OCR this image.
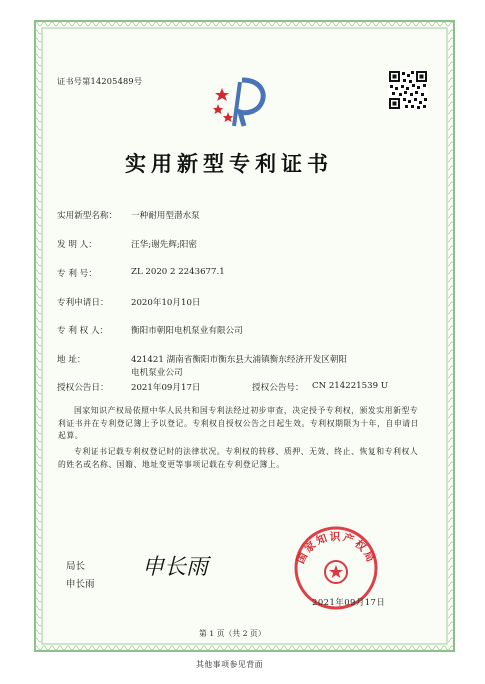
证书号第14205489号
实用新型专利证书
实用新型名称： 一种耐用型潜水泵
发 明 人：	汪华;谢先辉;阳密
专 利 号：	ZL 2020 2 2243677.1
专利申请日：	2020年10月10日
专 利 权 人：	衡阳市朝阳电机泵业有限公司
地 址：	421421 湖南省衡阳市衡东县大浦镇衡东经济开发区朝阳
电机泵业公司
授权公告日：	2021年09月17日	授权公告号： CN 214221539 U
国家知识产权局依照中华人民共和国专利法经过初步审查，决定授予专利权，颁发实用新型专利证书并在专利登记簿上予以登记。专利权自授权公告之日起生效。专利权期限为十年，自申请日起算。
专利证书记载专利权登记时的法律状况。专利权的转移、质押、无效、终止、恢复和专利权人的姓名或名称、国籍、地址变更等事项记载在专利登记簿上。
局长
申长雨
申长雨	国家知识产权局
2021年09月17日
第 1 页（共 2 页）
其他事项参见背面
